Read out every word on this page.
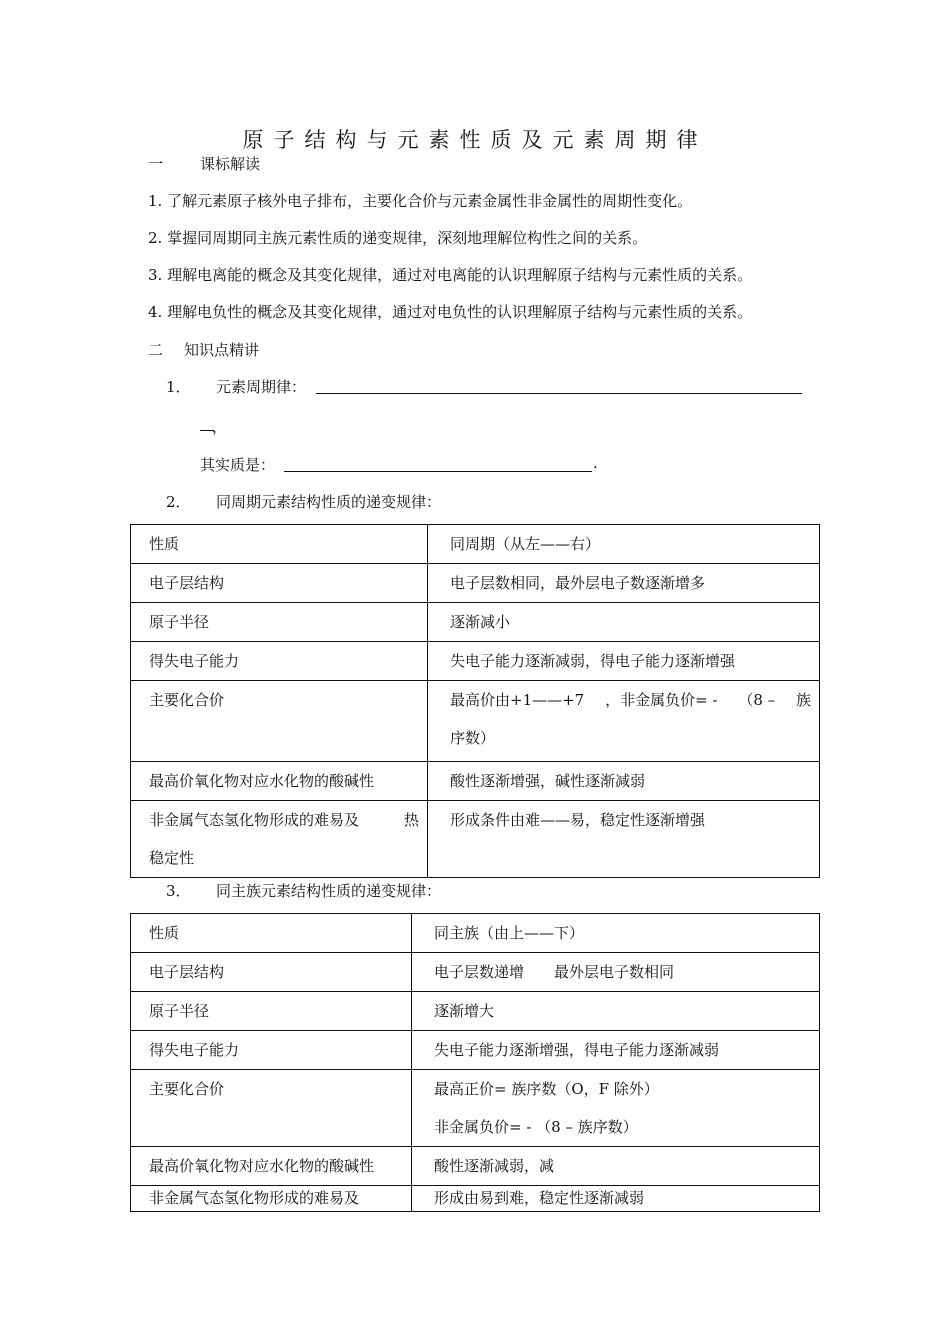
原子结构与元素性质及元素周期律
一 课标解读
1. 了解元素原子核外电子排布，主要化合价与元素金属性非金属性的周期性变化。
2. 掌握同周期同主族元素性质的递变规律，深刻地理解位构性之间的关系。
3. 理解电离能的概念及其变化规律，通过对电离能的认识理解原子结构与元素性质的关系。
4. 理解电负性的概念及其变化规律，通过对电负性的认识理解原子结构与元素性质的关系。
二 知识点精讲
1． 元素周期律：
，
其实质是：	.
2． 同周期元素结构性质的递变规律：
性质	同周期（从左——右）
电子层结构	电子层数相同，最外层电子数逐渐增多
原子半径	逐渐减小
得失电子能力	失电子能力逐渐减弱，得电子能力逐渐增强
主要化合价	最高价由+1——+7 ，非金属负价= - （8 – 族
序数）

最高价氧化物对应水化物的酸碱性	酸性逐渐增强，碱性逐渐减弱

非金属气态氢化物形成的难易及 热
稳定性	形成条件由难——易，稳定性逐渐增强
3． 同主族元素结构性质的递变规律：
性质	同主族（由上——下）
电子层结构	电子层数递增　　最外层电子数相同
原子半径	逐渐增大
得失电子能力	失电子能力逐渐增强，得电子能力逐渐减弱
主要化合价	最高正价= 族序数（O，F 除外）
非金属负价= - （8 – 族序数）

最高价氧化物对应水化物的酸碱性	酸性逐渐减弱，减
非金属气态氢化物形成的难易及	形成由易到难，稳定性逐渐减弱
